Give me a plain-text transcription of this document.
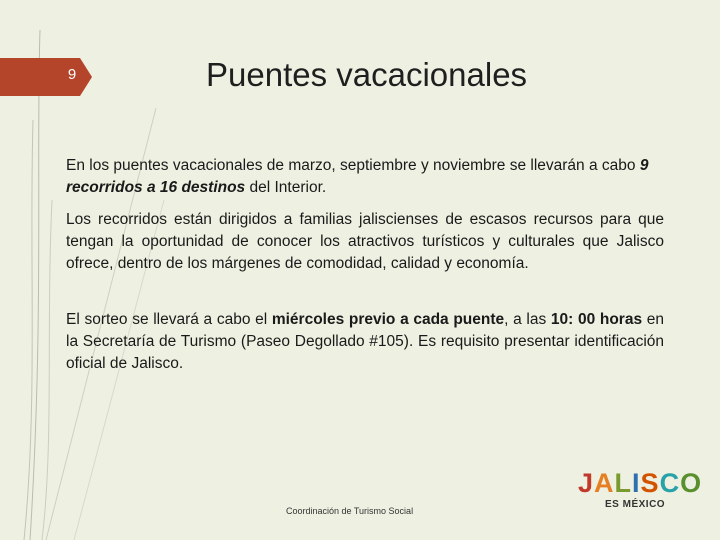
9	Puentes vacacionales

En los puentes vacacionales de marzo, septiembre y noviembre se llevarán a cabo 9 recorridos a 16 destinos del Interior.

Los recorridos están dirigidos a familias jaliscienses de escasos recursos para que tengan la oportunidad de conocer los atractivos turísticos y culturales que Jalisco ofrece, dentro de los márgenes de comodidad, calidad y economía.

El sorteo se llevará a cabo el miércoles previo a cada puente, a las 10: 00 horas en la Secretaría de Turismo (Paseo Degollado #105). Es requisito presentar identificación oficial de Jalisco.

Coordinación de Turismo Social
JALISCO
ES MÉXICO
